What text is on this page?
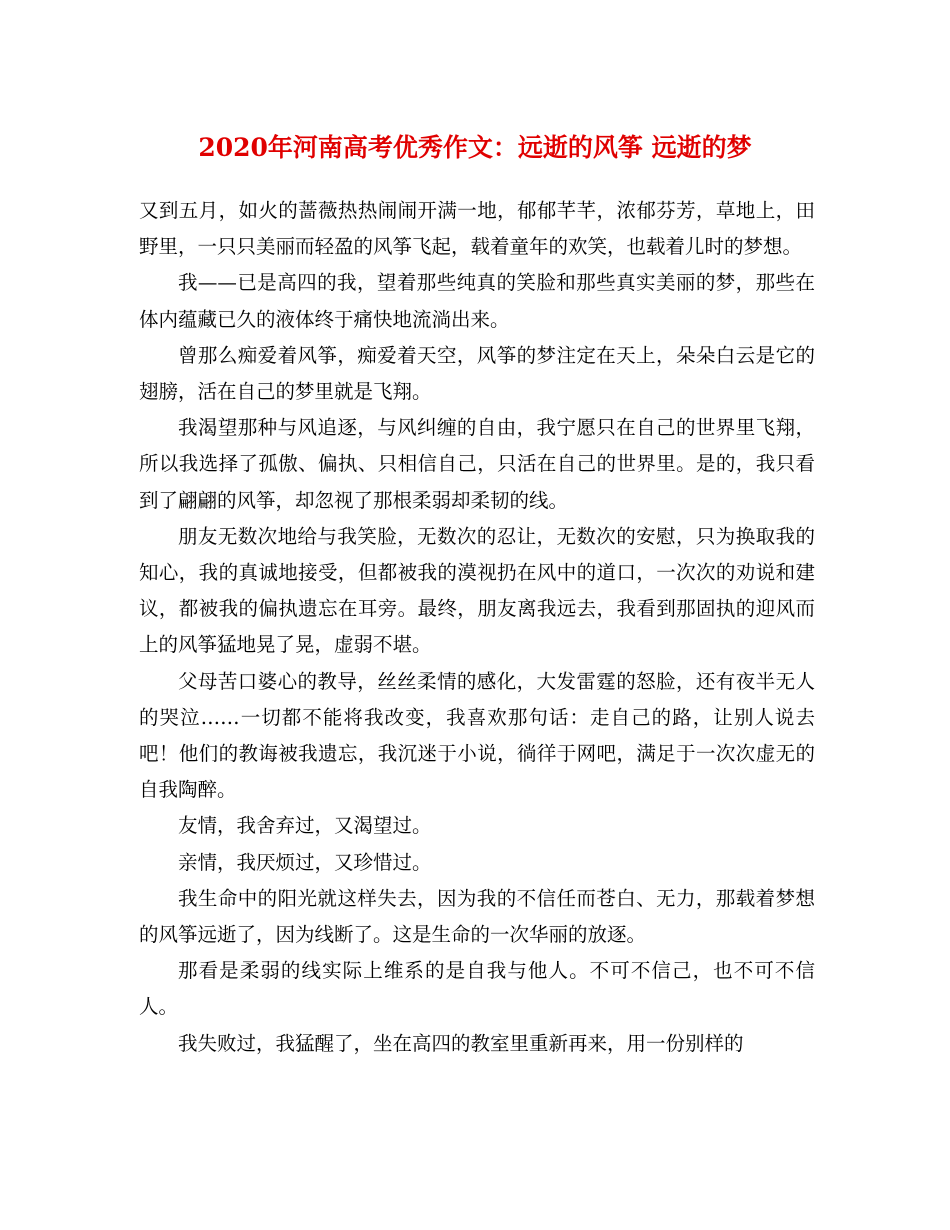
2020年河南高考优秀作文：远逝的风筝 远逝的梦

又到五月，如火的蔷薇热热闹闹开满一地，郁郁芊芊，浓郁芬芳，草地上，田野里，一只只美丽而轻盈的风筝飞起，载着童年的欢笑，也载着儿时的梦想。

我——已是高四的我，望着那些纯真的笑脸和那些真实美丽的梦，那些在体内蕴藏已久的液体终于痛快地流淌出来。

曾那么痴爱着风筝，痴爱着天空，风筝的梦注定在天上，朵朵白云是它的翅膀，活在自己的梦里就是飞翔。

我渴望那种与风追逐，与风纠缠的自由，我宁愿只在自己的世界里飞翔，所以我选择了孤傲、偏执、只相信自己，只活在自己的世界里。是的，我只看到了翩翩的风筝，却忽视了那根柔弱却柔韧的线。

朋友无数次地给与我笑脸，无数次的忍让，无数次的安慰，只为换取我的知心，我的真诚地接受，但都被我的漠视扔在风中的道口，一次次的劝说和建议，都被我的偏执遗忘在耳旁。最终，朋友离我远去，我看到那固执的迎风而上的风筝猛地晃了晃，虚弱不堪。

父母苦口婆心的教导，丝丝柔情的感化，大发雷霆的怒脸，还有夜半无人的哭泣……一切都不能将我改变，我喜欢那句话：走自己的路，让别人说去吧！他们的教诲被我遗忘，我沉迷于小说，徜徉于网吧，满足于一次次虚无的自我陶醉。

友情，我舍弃过，又渴望过。

亲情，我厌烦过，又珍惜过。

我生命中的阳光就这样失去，因为我的不信任而苍白、无力，那载着梦想的风筝远逝了，因为线断了。这是生命的一次华丽的放逐。

那看是柔弱的线实际上维系的是自我与他人。不可不信己，也不可不信人。

我失败过，我猛醒了，坐在高四的教室里重新再来，用一份别样的
